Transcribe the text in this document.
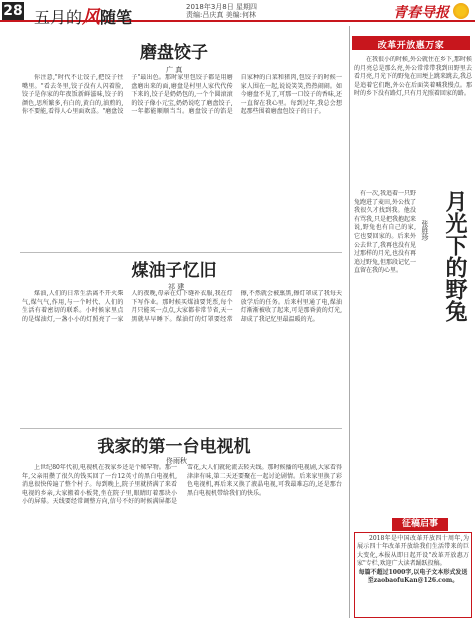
28 五月的风随笔
2018年3月8日 星期四
责编:吕庆真 美编:何林	青春导报
磨盘饺子
广 真

你注意,"时代不让饺子,把饺子往嘴里。"看去冬里,饺子没有人闪着脸,饺子是你家的年夜饭新鲜滋味,饺子的颜色,思所繁多,有白的,黄白的,油煎的,你不要能,看得人心里面欢喜。"磨盘饺子"最出色。那时家里包饺子都是用磨盘磨出来的面,磨盘是村里人家代代传下来的,饺子是奶奶包的,一个个圆滚滚的饺子像小元宝,奶奶说吃了磨盘饺子,一年都能顺顺当当。磨盘饺子的馅是自家种的白菜和猪肉,包饺子的时候一家人围在一起,说说笑笑,热热闹闹。如今磨盘不见了,可那一口饺子的香味,还一直留在我心里。每到过年,我总会想起那些围着磨盘包饺子的日子。

煤油子忆旧
祁 建

煤油,人们的日常生活离不开火柴气,煤气气,作用,与一个时代、人们的生活有着密切的联系。小时候家里点的是煤油灯,一盏小小的灯照亮了一家人的夜晚,母亲在灯下缝补衣服,我在灯下写作业。那时候买煤油要凭票,每个月只能买一点点,大家都非常节省,天一黑就早早睡下。煤油灯的灯罩要经常擦,不然就会被熏黑,擦灯罩成了我每天放学后的任务。后来村里通了电,煤油灯渐渐被收了起来,可是那昏黄的灯光,却成了我记忆里最温暖的光。

我家的第一台电视机
佟雨秋

上世纪80年代初,电视机在我家乡还是个稀罕物。那一年,父亲用攒了很久的钱买回了一台12英寸的黑白电视机,消息很快传遍了整个村子。每到晚上,院子里就挤满了来看电视的乡亲,大家搬着小板凳,坐在院子里,眼睛盯着那块小小的屏幕。天线要经常调整方向,信号不好的时候满屏都是雪花,大人们就轮流去转天线。那时候播的电视剧,大家看得津津有味,第二天还要聚在一起讨论剧情。后来家里换了彩色电视机,再后来又换了液晶电视,可我最难忘的,还是那台黑白电视机带给我们的快乐。

改革开放惠万家

在我很小的时候,外公就住在乡下,那时候的月亮总是那么亮,外公常常带我到田野里去看月亮,月光下的野兔在田埂上跳来跳去,我总是追着它们跑,外公在后面笑着喊我慢点。那时的乡下没有路灯,只有月光照着回家的路。

有一次,我追着一只野兔跑进了麦田,外公找了我很久才找到我。他没有骂我,只是把我抱起来说,野兔也有自己的家,它也要回家的。后来外公去世了,我再也没有见过那样的月光,也没有再追过野兔,但那段记忆一直留在我的心里。

张胜珍 月光下的野兔
征稿启事

2018年是中国改革开放四十周年,为展示四十年改革开放给我们生活带来的巨大变化,本报从即日起开设"改革开放惠万家"专栏,欢迎广大读者踊跃投稿。

每篇不超过1000字,以电子文本形式发送至zaobaofuKan@126.com。
